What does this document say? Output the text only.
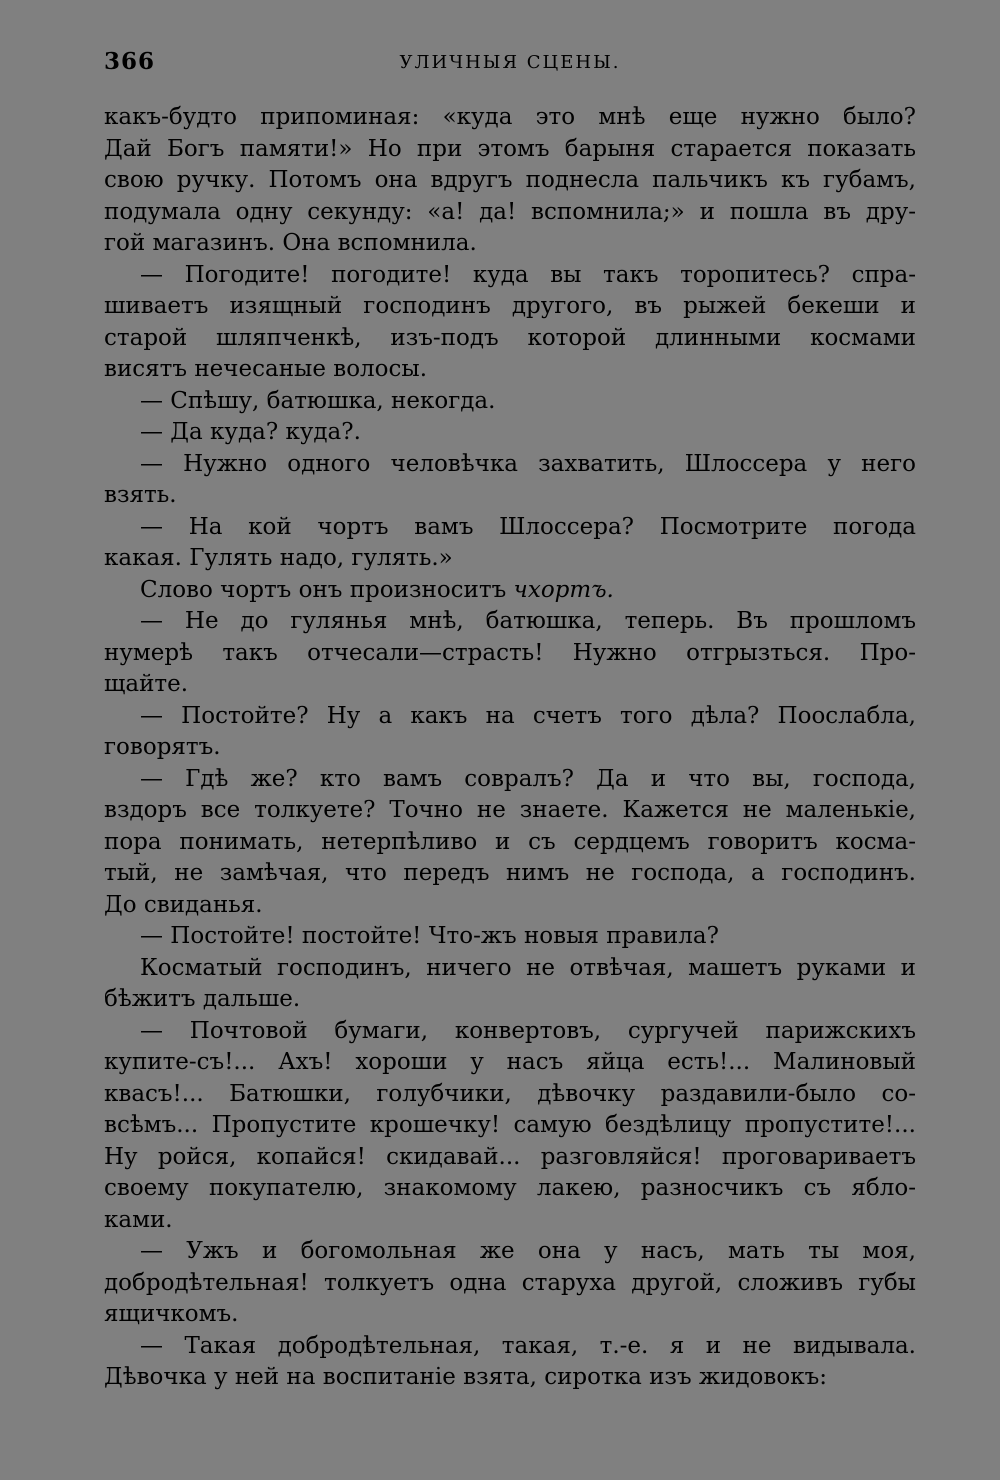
366	УЛИЧНЫЯ СЦЕНЫ.
какъ-будто припоминая: «куда это мнѣ еще нужно было?
Дай Богъ памяти!» Но при этомъ барыня старается показать
свою ручку. Потомъ она вдругъ поднесла пальчикъ къ губамъ,
подумала одну секунду: «а! да! вспомнила;» и пошла въ дру-
гой магазинъ. Она вспомнила.
— Погодите! погодите! куда вы такъ торопитесь? спра-
шиваетъ изящный господинъ другого, въ рыжей бекеши и
старой шляпченкѣ, изъ-подъ которой длинными космами
висятъ нечесаные волосы.
— Спѣшу, батюшка, некогда.
— Да куда? куда?.
— Нужно одного человѣчка захватить, Шлоссера у него
взять.
— На кой чортъ вамъ Шлоссера? Посмотрите погода
какая. Гулять надо, гулять.»
Слово чортъ онъ произноситъ чхортъ.
— Не до гулянья мнѣ, батюшка, теперь. Въ прошломъ
нумерѣ такъ отчесали—страсть! Нужно отгрызться. Про-
щайте.
— Постойте? Ну а какъ на счетъ того дѣла? Пооcлабла,
говорятъ.
— Гдѣ же? кто вамъ совралъ? Да и что вы, господа,
вздоръ все толкуете? Точно не знаете. Кажется не маленькіе,
пора понимать, нетерпѣливо и съ сердцемъ говоритъ косма-
тый, не замѣчая, что передъ нимъ не господа, а господинъ.
До свиданья.
— Постойте! постойте! Что-жъ новыя правила?
Косматый господинъ, ничего не отвѣчая, машетъ руками и
бѣжитъ дальше.
— Почтовой бумаги, конвертовъ, сургучей парижскихъ
купите-съ!... Ахъ! хороши у насъ яйца есть!... Малиновый
квасъ!... Батюшки, голубчики, дѣвочку раздавили-было со-
всѣмъ... Пропустите крошечку! самую бездѣлицу пропустите!...
Ну ройся, копайся! скидавай... разговляйся! проговариваетъ
своему покупателю, знакомому лакею, разносчикъ съ ябло-
ками.
— Ужъ и богомольная же она у насъ, мать ты моя,
добродѣтельная! толкуетъ одна старуха другой, сложивъ губы
ящичкомъ.
— Такая добродѣтельная, такая, т.-е. я и не видывала.
Дѣвочка у ней на воспитаніе взята, сиротка изъ жидовокъ:
